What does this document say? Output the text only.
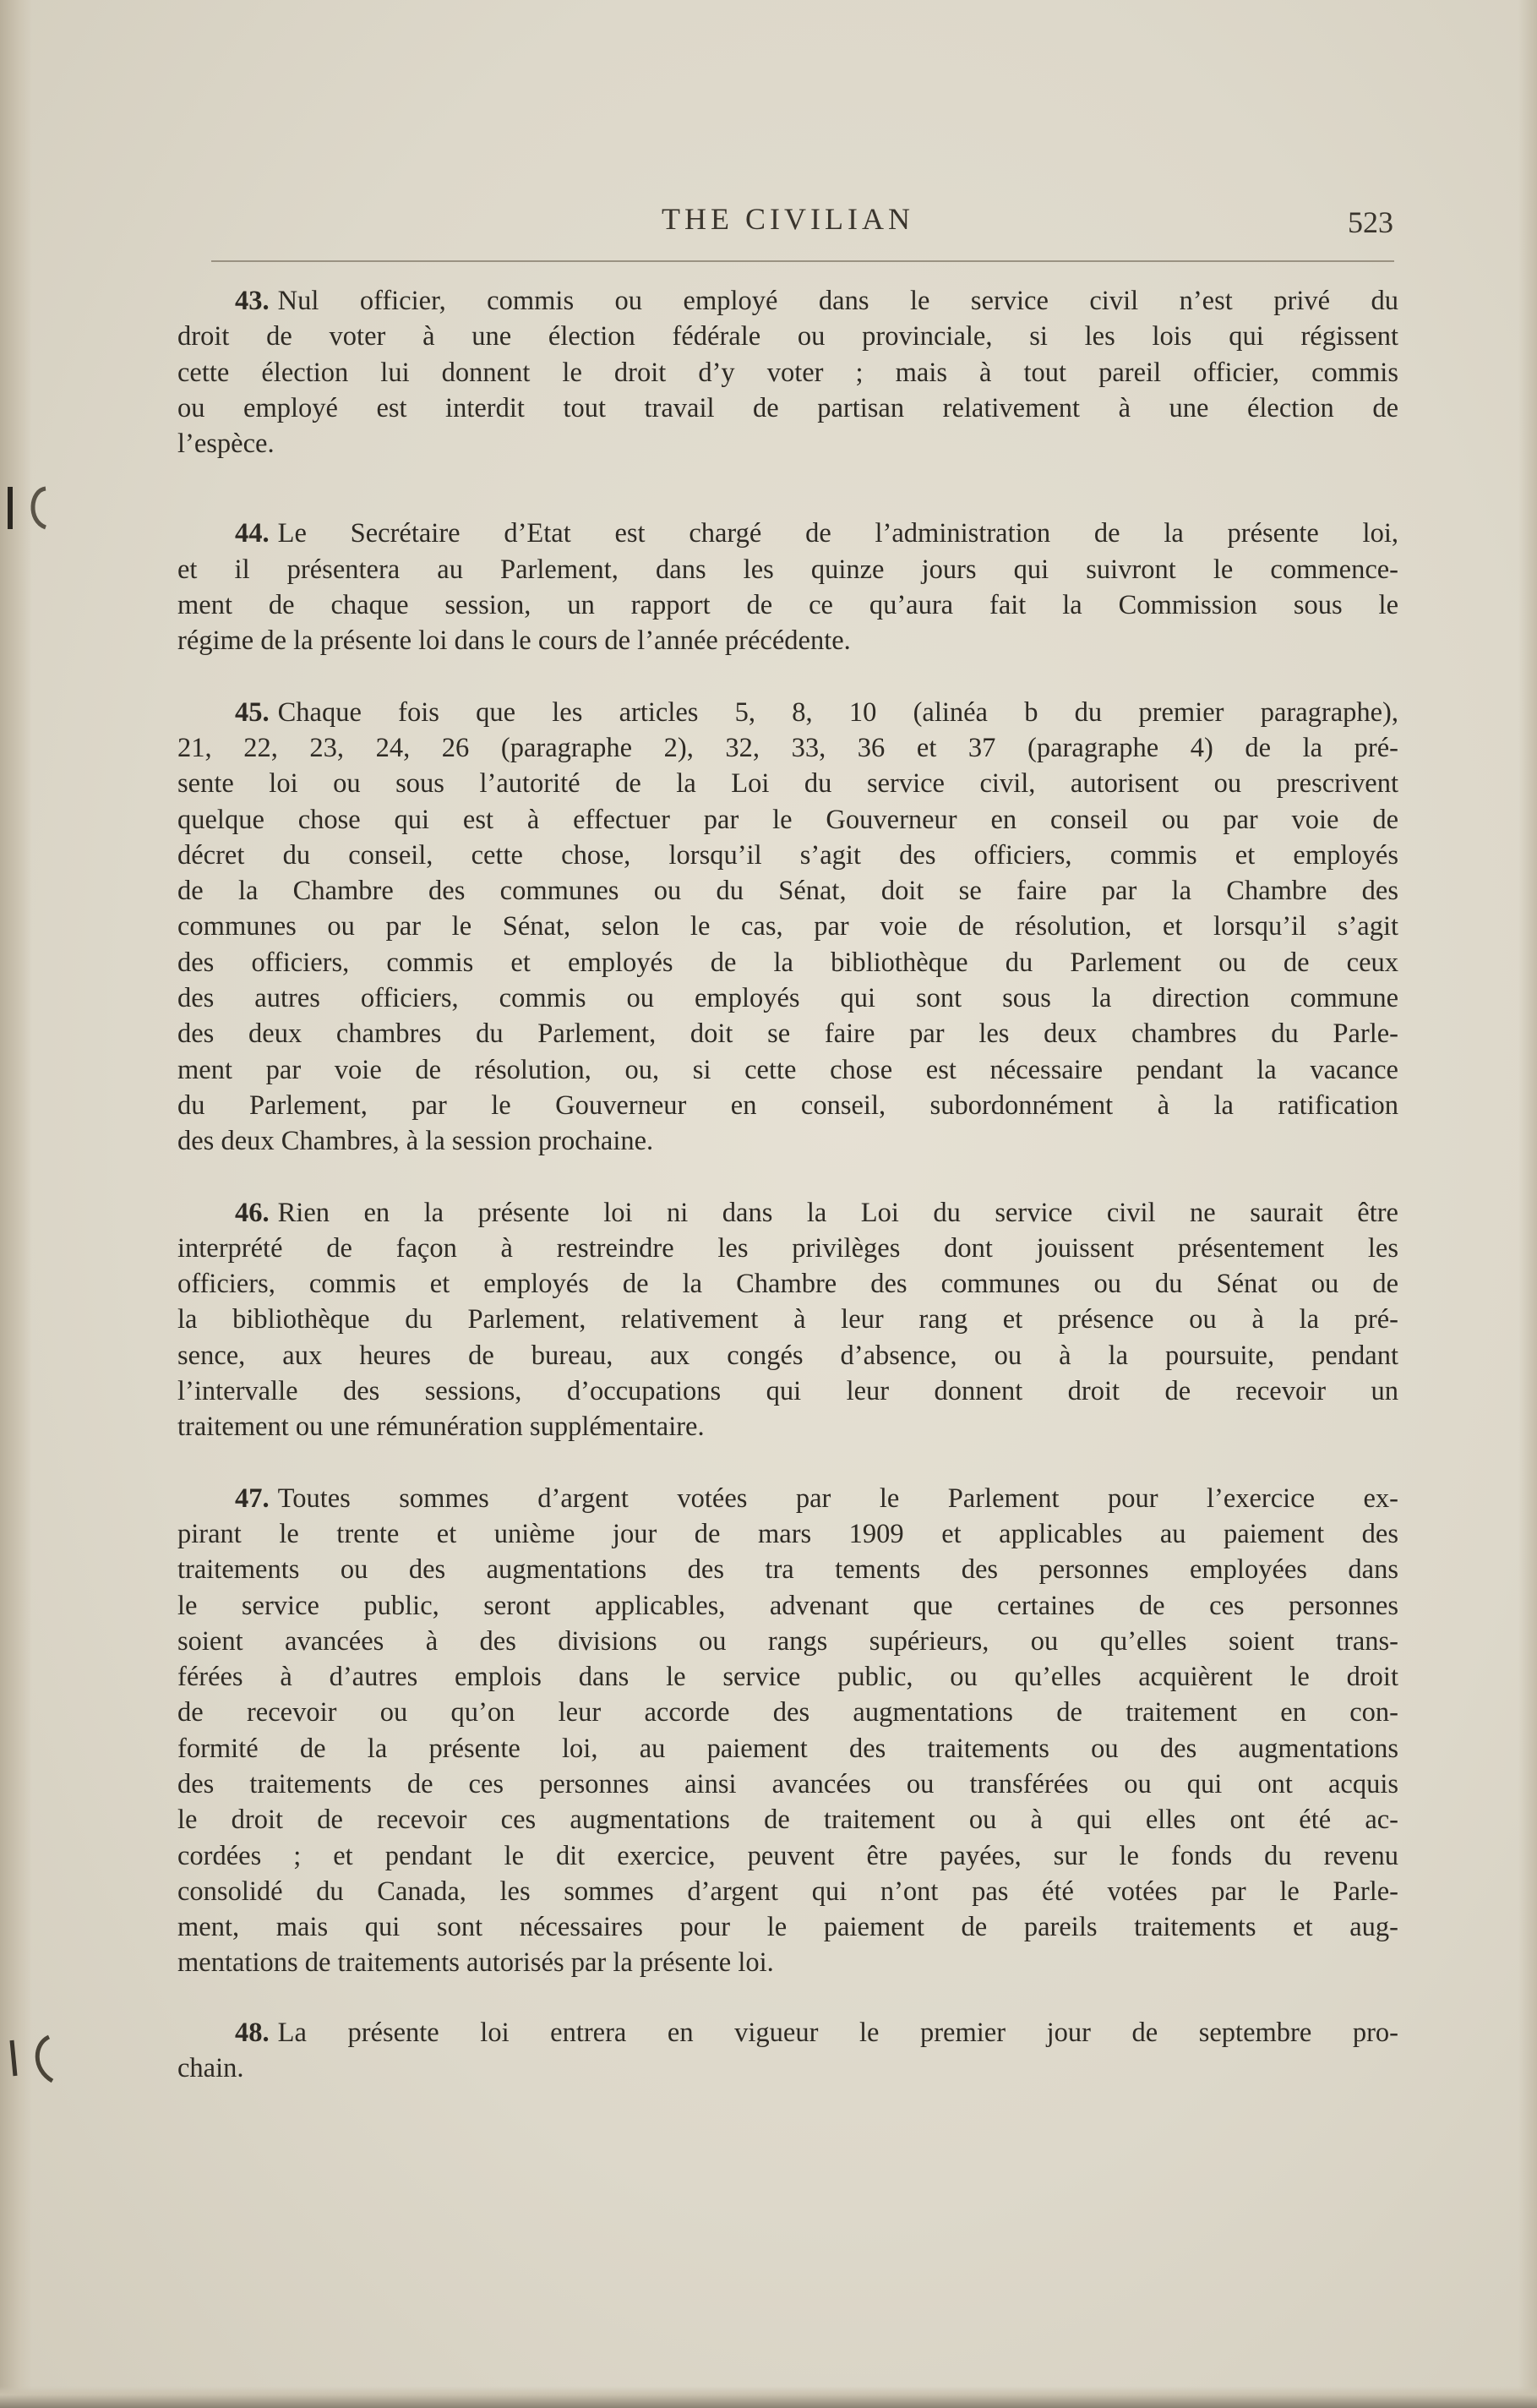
THE CIVILIAN	523
43. Nul officier, commis ou employé dans le service civil n’est privé du
droit de voter à une élection fédérale ou provinciale, si les lois qui régissent
cette élection lui donnent le droit d’y voter ; mais à tout pareil officier, commis
ou employé est interdit tout travail de partisan relativement à une élection de
l’espèce.
44. Le Secrétaire d’Etat est chargé de l’administration de la présente loi,
et il présentera au Parlement, dans les quinze jours qui suivront le commence-
ment de chaque session, un rapport de ce qu’aura fait la Commission sous le
régime de la présente loi dans le cours de l’année précédente.
45. Chaque fois que les articles 5, 8, 10 (alinéa b du premier paragraphe),
21, 22, 23, 24, 26 (paragraphe 2), 32, 33, 36 et 37 (paragraphe 4) de la pré-
sente loi ou sous l’autorité de la Loi du service civil, autorisent ou prescrivent
quelque chose qui est à effectuer par le Gouverneur en conseil ou par voie de
décret du conseil, cette chose, lorsqu’il s’agit des officiers, commis et employés
de la Chambre des communes ou du Sénat, doit se faire par la Chambre des
communes ou par le Sénat, selon le cas, par voie de résolution, et lorsqu’il s’agit
des officiers, commis et employés de la bibliothèque du Parlement ou de ceux
des autres officiers, commis ou employés qui sont sous la direction commune
des deux chambres du Parlement, doit se faire par les deux chambres du Parle-
ment par voie de résolution, ou, si cette chose est nécessaire pendant la vacance
du Parlement, par le Gouverneur en conseil, subordonnément à la ratification
des deux Chambres, à la session prochaine.
46. Rien en la présente loi ni dans la Loi du service civil ne saurait être
interprété de façon à restreindre les privilèges dont jouissent présentement les
officiers, commis et employés de la Chambre des communes ou du Sénat ou de
la bibliothèque du Parlement, relativement à leur rang et présence ou à la pré-
sence, aux heures de bureau, aux congés d’absence, ou à la poursuite, pendant
l’intervalle des sessions, d’occupations qui leur donnent droit de recevoir un
traitement ou une rémunération supplémentaire.
47. Toutes sommes d’argent votées par le Parlement pour l’exercice ex-
pirant le trente et unième jour de mars 1909 et applicables au paiement des
traitements ou des augmentations des tra tements des personnes employées dans
le service public, seront applicables, advenant que certaines de ces personnes
soient avancées à des divisions ou rangs supérieurs, ou qu’elles soient trans-
férées à d’autres emplois dans le service public, ou qu’elles acquièrent le droit
de recevoir ou qu’on leur accorde des augmentations de traitement en con-
formité de la présente loi, au paiement des traitements ou des augmentations
des traitements de ces personnes ainsi avancées ou transférées ou qui ont acquis
le droit de recevoir ces augmentations de traitement ou à qui elles ont été ac-
cordées ; et pendant le dit exercice, peuvent être payées, sur le fonds du revenu
consolidé du Canada, les sommes d’argent qui n’ont pas été votées par le Parle-
ment, mais qui sont nécessaires pour le paiement de pareils traitements et aug-
mentations de traitements autorisés par la présente loi.
48. La présente loi entrera en vigueur le premier jour de septembre pro-
chain.
